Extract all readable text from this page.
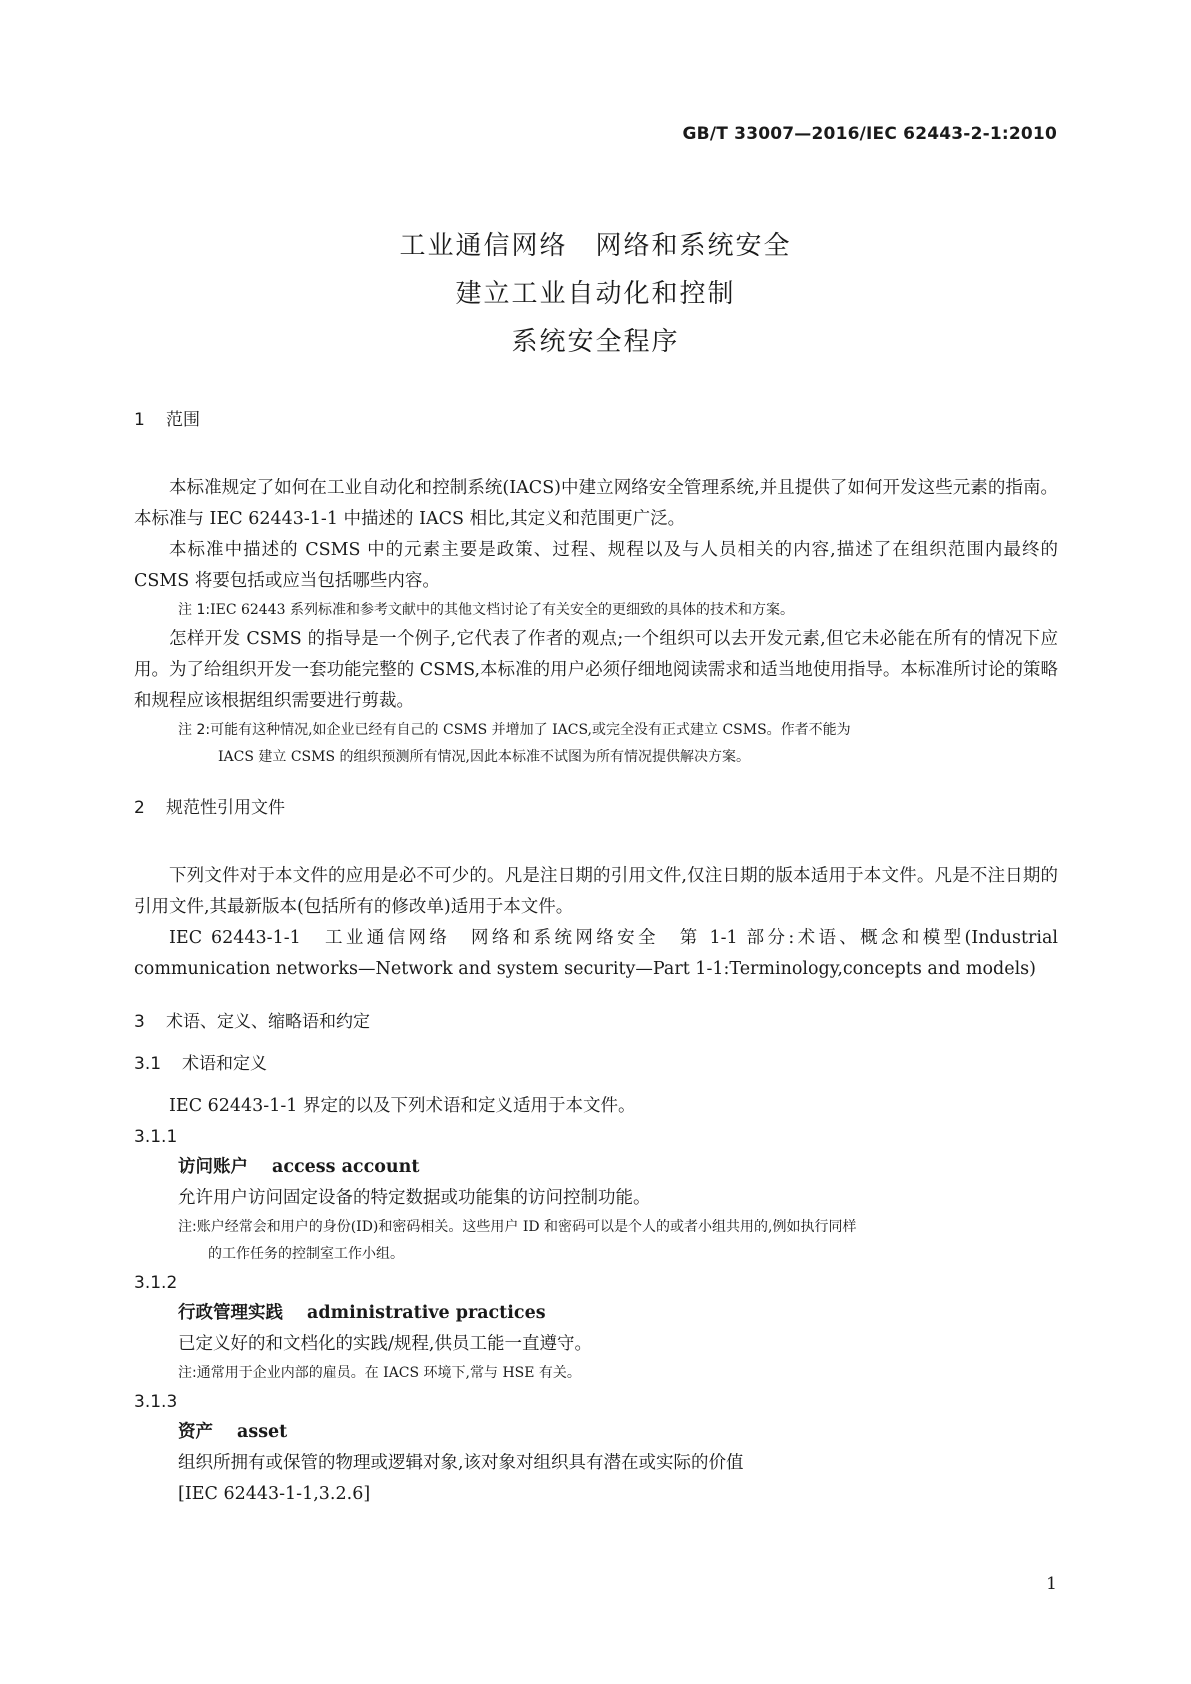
GB/T 33007—2016/IEC 62443-2-1:2010
工业通信网络　网络和系统安全
建立工业自动化和控制
系统安全程序
1 范围
本标准规定了如何在工业自动化和控制系统(IACS)中建立网络安全管理系统,并且提供了如何开发这些元素的指南。本标准与 IEC 62443-1-1 中描述的 IACS 相比,其定义和范围更广泛。
本标准中描述的 CSMS 中的元素主要是政策、过程、规程以及与人员相关的内容,描述了在组织范围内最终的 CSMS 将要包括或应当包括哪些内容。
注 1:IEC 62443 系列标准和参考文献中的其他文档讨论了有关安全的更细致的具体的技术和方案。
怎样开发 CSMS 的指导是一个例子,它代表了作者的观点;一个组织可以去开发元素,但它未必能在所有的情况下应用。为了给组织开发一套功能完整的 CSMS,本标准的用户必须仔细地阅读需求和适当地使用指导。本标准所讨论的策略和规程应该根据组织需要进行剪裁。
注 2:可能有这种情况,如企业已经有自己的 CSMS 并增加了 IACS,或完全没有正式建立 CSMS。作者不能为
IACS 建立 CSMS 的组织预测所有情况,因此本标准不试图为所有情况提供解决方案。
2 规范性引用文件
下列文件对于本文件的应用是必不可少的。凡是注日期的引用文件,仅注日期的版本适用于本文件。凡是不注日期的引用文件,其最新版本(包括所有的修改单)适用于本文件。
IEC 62443-1-1　工业通信网络　网络和系统网络安全　第 1-1 部分:术语、概念和模型(Industrial communication networks—Network and system security—Part 1-1:Terminology,concepts and models)
3 术语、定义、缩略语和约定
3.1 术语和定义
IEC 62443-1-1 界定的以及下列术语和定义适用于本文件。
3.1.1
访问账户 access account
允许用户访问固定设备的特定数据或功能集的访问控制功能。
注:账户经常会和用户的身份(ID)和密码相关。这些用户 ID 和密码可以是个人的或者小组共用的,例如执行同样
的工作任务的控制室工作小组。
3.1.2
行政管理实践 administrative practices
已定义好的和文档化的实践/规程,供员工能一直遵守。
注:通常用于企业内部的雇员。在 IACS 环境下,常与 HSE 有关。
3.1.3
资产 asset
组织所拥有或保管的物理或逻辑对象,该对象对组织具有潜在或实际的价值
[IEC 62443-1-1,3.2.6]
1
